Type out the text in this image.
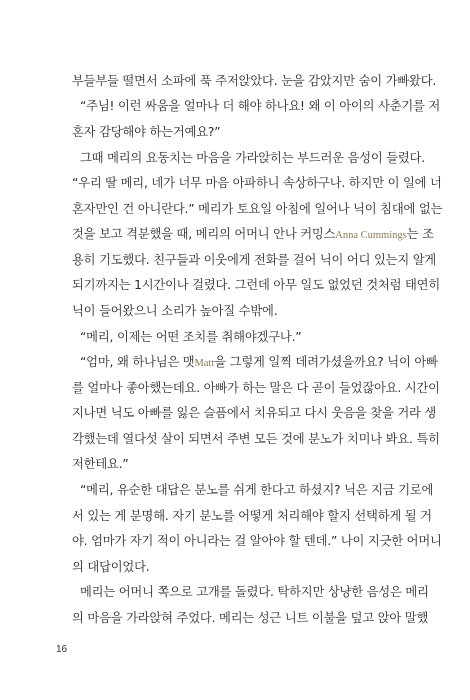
부들부들 떨면서 소파에 푹 주저앉았다. 눈을 감았지만 숨이 가빠왔다.
“주님! 이런 싸움을 얼마나 더 해야 하나요! 왜 이 아이의 사춘기를 저
혼자 감당해야 하는거예요?”
그때 메리의 요동치는 마음을 가라앉히는 부드러운 음성이 들렸다.
“우리 딸 메리, 네가 너무 마음 아파하니 속상하구나. 하지만 이 일에 너
혼자만인 건 아니란다.” 메리가 토요일 아침에 일어나 닉이 침대에 없는
것을 보고 격분했을 때, 메리의 어머니 안나 커밍스Anna Cummings는 조
용히 기도했다. 친구들과 이웃에게 전화를 걸어 닉이 어디 있는지 알게
되기까지는 1시간이나 걸렸다. 그런데 아무 일도 없었던 것처럼 태연히
닉이 들어왔으니 소리가 높아질 수밖에.
“메리, 이제는 어떤 조치를 취해야겠구나.”
“엄마, 왜 하나님은 맷Matt을 그렇게 일찍 데려가셨을까요? 닉이 아빠
를 얼마나 좋아했는데요. 아빠가 하는 말은 다 곧이 들었잖아요. 시간이
지나면 닉도 아빠를 잃은 슬픔에서 치유되고 다시 웃음을 찾을 거라 생
각했는데 열다섯 살이 되면서 주변 모든 것에 분노가 치미나 봐요. 특히
저한테요.”
“메리, 유순한 대답은 분노를 쉬게 한다고 하셨지? 닉은 지금 기로에
서 있는 게 분명해. 자기 분노를 어떻게 처리해야 할지 선택하게 될 거
야. 엄마가 자기 적이 아니라는 걸 알아야 할 텐데.” 나이 지긋한 어머니
의 대답이었다.
메리는 어머니 쪽으로 고개를 돌렸다. 탁하지만 상냥한 음성은 메리
의 마음을 가라앉혀 주었다. 메리는 성근 니트 이불을 덮고 앉아 말했
16
